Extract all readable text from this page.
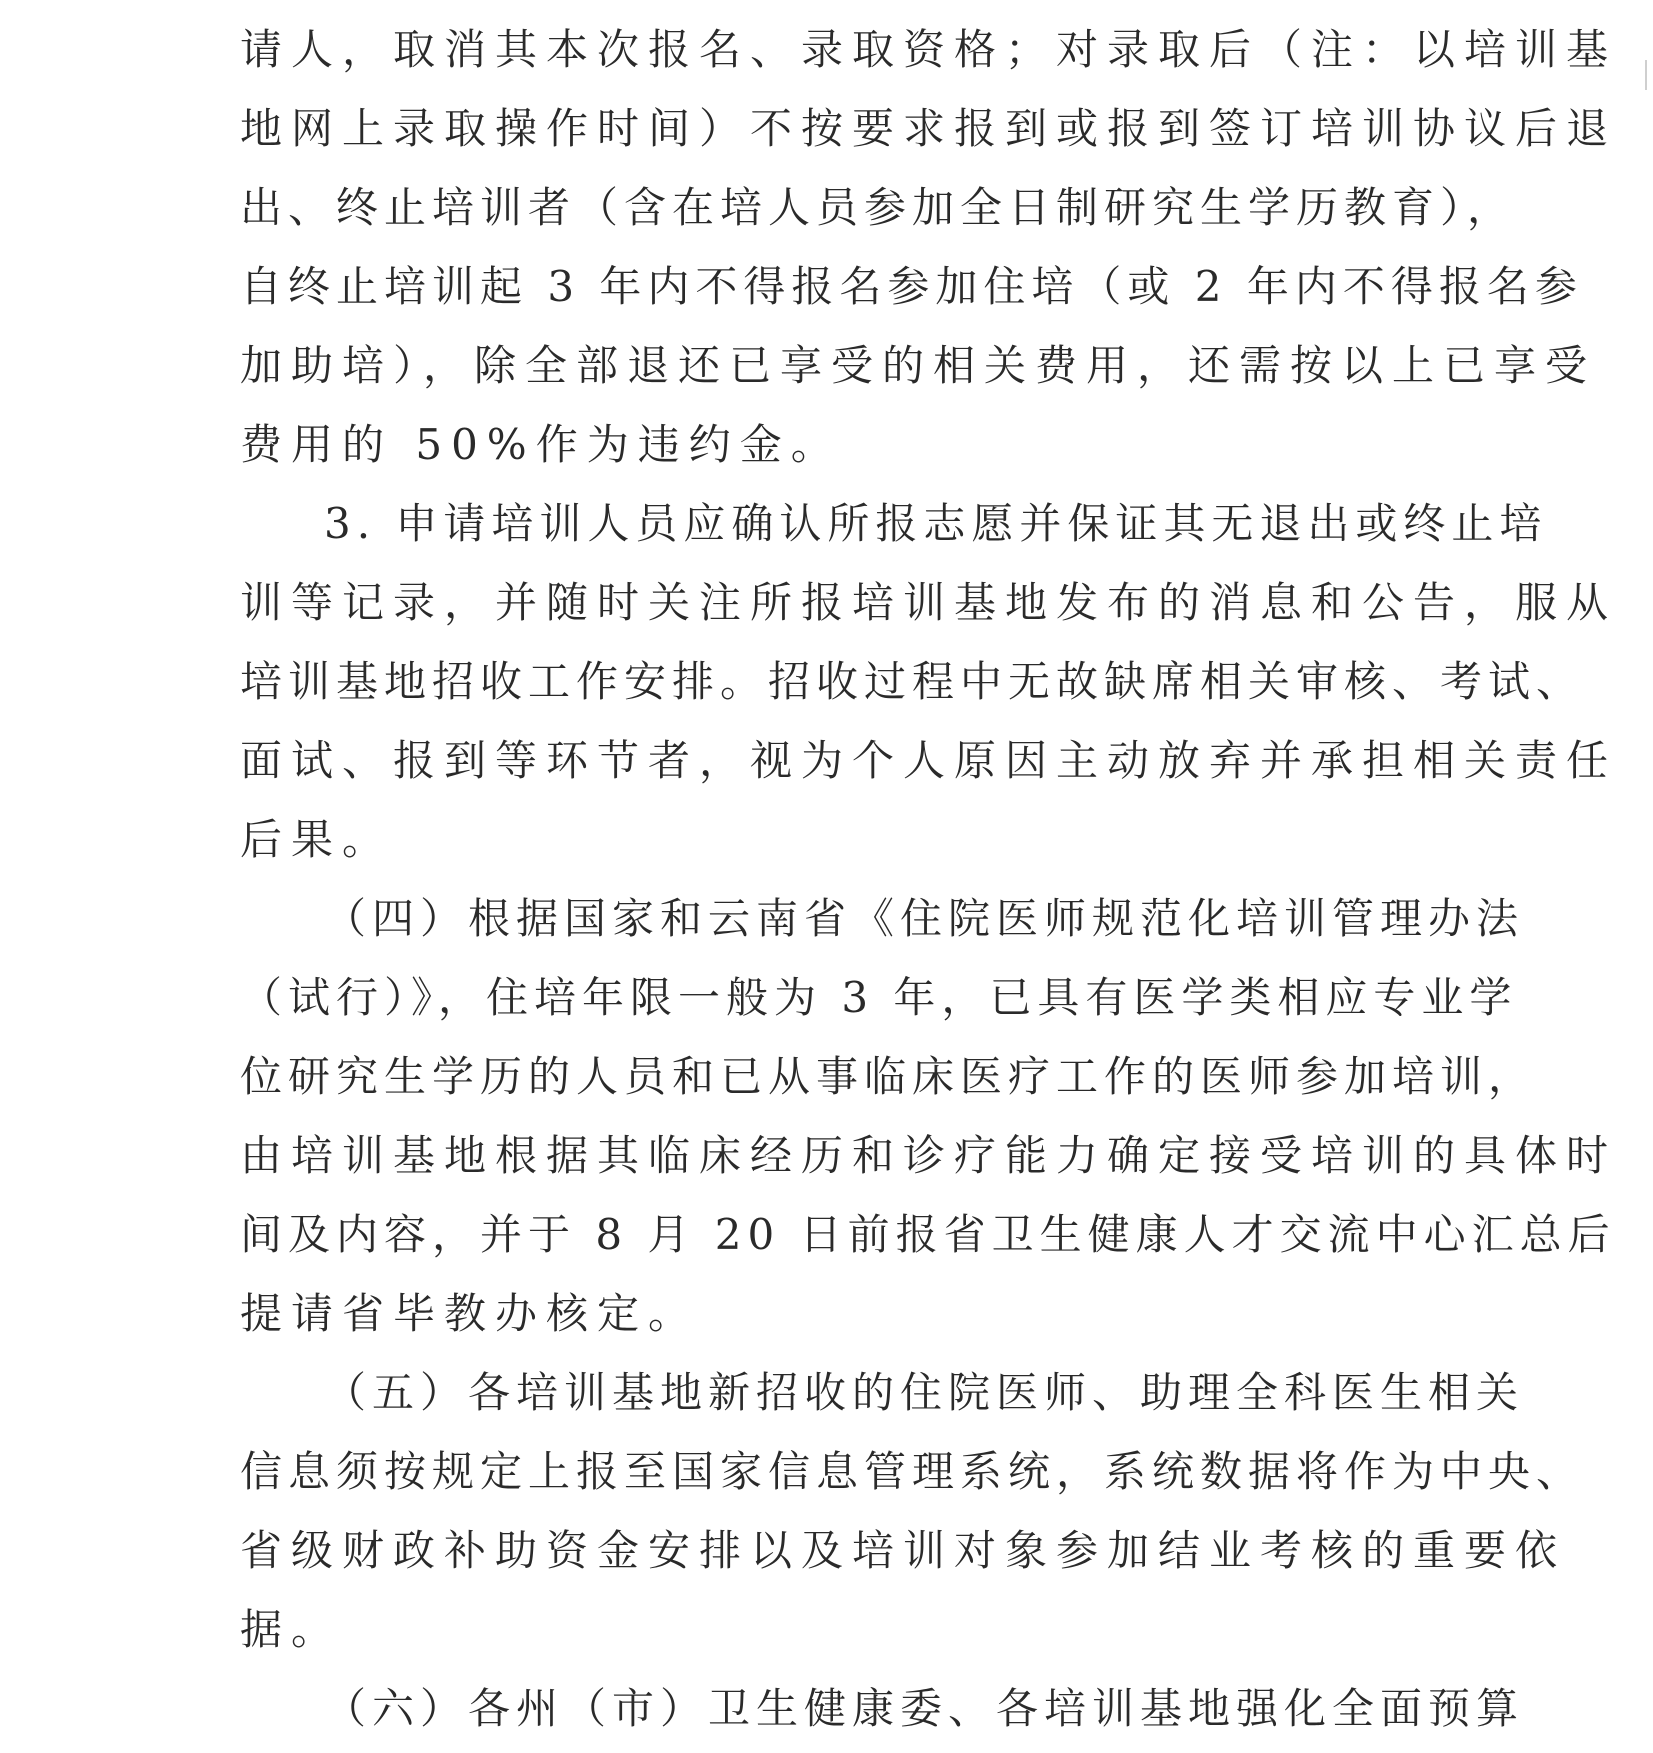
请人，取消其本次报名、录取资格；对录取后（注：以培训基
地网上录取操作时间）不按要求报到或报到签订培训协议后退
出、终止培训者（含在培人员参加全日制研究生学历教育），
自终止培训起 3 年内不得报名参加住培（或 2 年内不得报名参
加助培），除全部退还已享受的相关费用，还需按以上已享受
费用的 50%作为违约金。
3. 申请培训人员应确认所报志愿并保证其无退出或终止培
训等记录，并随时关注所报培训基地发布的消息和公告，服从
培训基地招收工作安排。招收过程中无故缺席相关审核、考试、
面试、报到等环节者，视为个人原因主动放弃并承担相关责任
后果。
（四）根据国家和云南省《住院医师规范化培训管理办法
（试行）》，住培年限一般为 3 年，已具有医学类相应专业学
位研究生学历的人员和已从事临床医疗工作的医师参加培训，
由培训基地根据其临床经历和诊疗能力确定接受培训的具体时
间及内容，并于 8 月 20 日前报省卫生健康人才交流中心汇总后
提请省毕教办核定。
（五）各培训基地新招收的住院医师、助理全科医生相关
信息须按规定上报至国家信息管理系统，系统数据将作为中央、
省级财政补助资金安排以及培训对象参加结业考核的重要依
据。
（六）各州（市）卫生健康委、各培训基地强化全面预算
